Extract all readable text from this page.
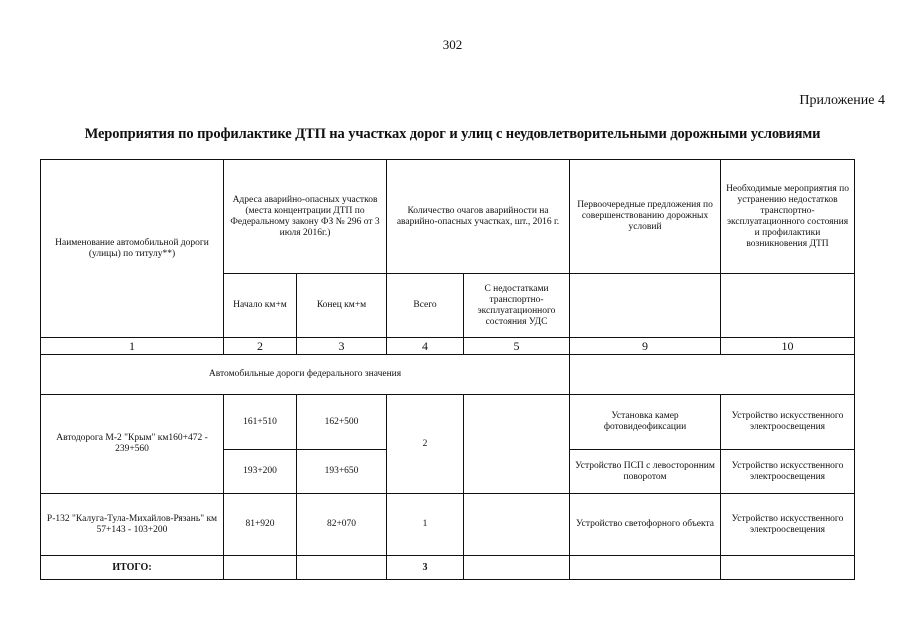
302
Приложение 4
Мероприятия по профилактике ДТП на участках дорог и улиц с неудовлетворительными дорожными условиями
Наименование автомобильной дороги (улицы) по титулу**)	Адреса аварийно-опасных участков (места концентрации ДТП по Федеральному закону ФЗ № 296 от 3 июля 2016г.)		Количество очагов аварийности на аварийно-опасных участках, шт., 2016 г.		Первоочередные предложения по совершенствованию дорожных условий	Необходимые мероприятия по устранению недостатков транспортно-эксплуатационного состояния и профилактики возникновения ДТП
	Начало км+м	Конец км+м	Всего	С недостатками транспортно-эксплуатационного состояния УДС		
1	2	3	4	5	9	10
Автомобильные дороги федерального значения						
Автодорога М-2 "Крым" км160+472 - 239+560	161+510	162+500	2		Установка камер фотовидеофиксации	Устройство искусственного электроосвещения
	193+200	193+650			Устройство ПСП с левосторонним поворотом	Устройство искусственного электроосвещения
Р-132 "Калуга-Тула-Михайлов-Рязань" км 57+143 - 103+200	81+920	82+070	1		Устройство светофорного объекта	Устройство искусственного электроосвещения
ИТОГО:			3			
